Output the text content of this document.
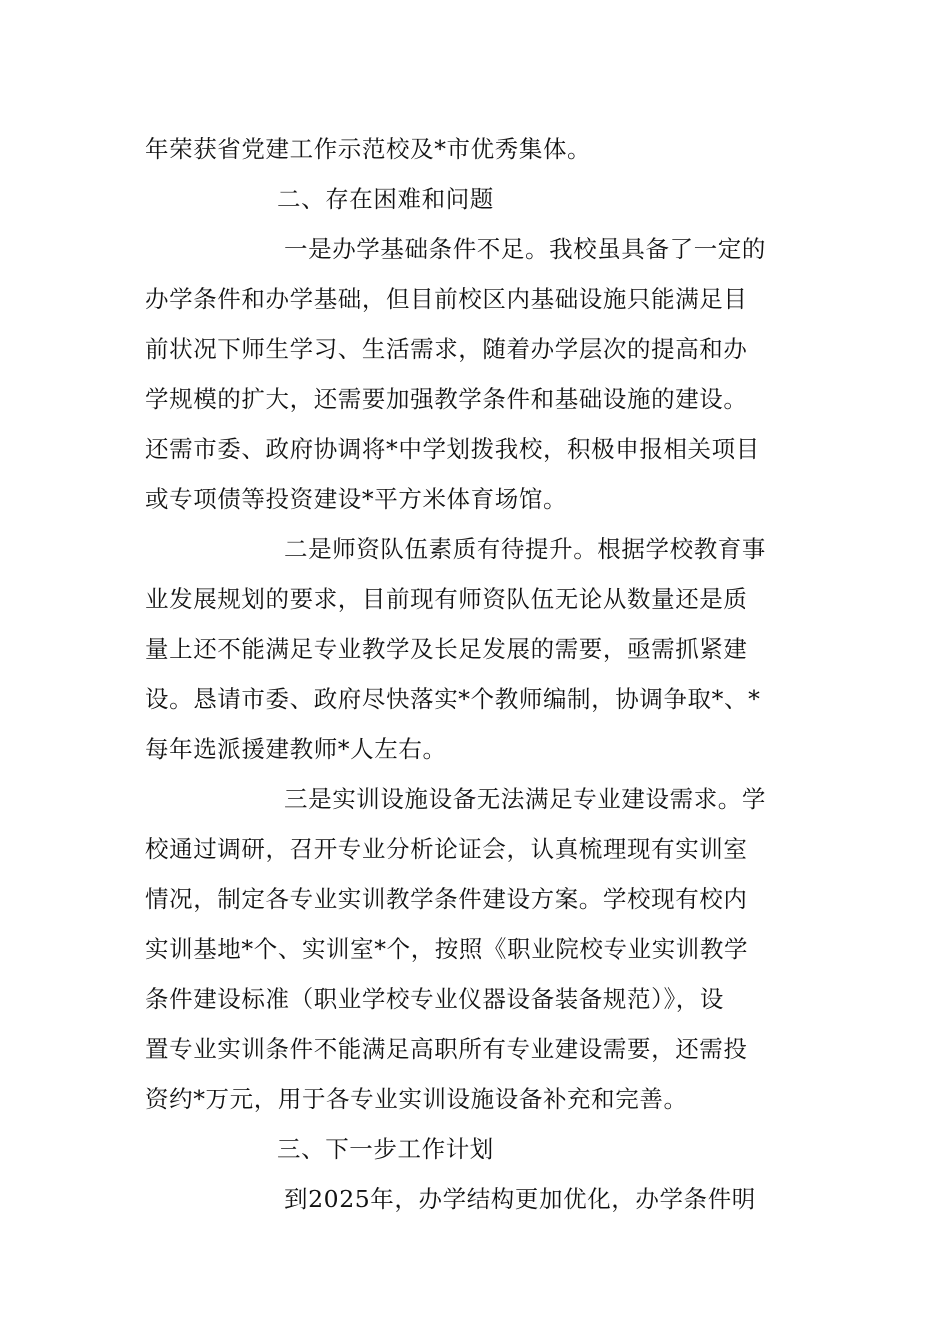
年荣获省党建工作示范校及*市优秀集体。
二、存在困难和问题
一是办学基础条件不足。我校虽具备了一定的
办学条件和办学基础，但目前校区内基础设施只能满足目
前状况下师生学习、生活需求，随着办学层次的提高和办
学规模的扩大，还需要加强教学条件和基础设施的建设。
还需市委、政府协调将*中学划拨我校，积极申报相关项目
或专项债等投资建设*平方米体育场馆。
二是师资队伍素质有待提升。根据学校教育事
业发展规划的要求，目前现有师资队伍无论从数量还是质
量上还不能满足专业教学及长足发展的需要，亟需抓紧建
设。恳请市委、政府尽快落实*个教师编制，协调争取*、*
每年选派援建教师*人左右。
三是实训设施设备无法满足专业建设需求。学
校通过调研，召开专业分析论证会，认真梳理现有实训室
情况，制定各专业实训教学条件建设方案。学校现有校内
实训基地*个、实训室*个，按照《职业院校专业实训教学
条件建设标准（职业学校专业仪器设备装备规范）》，设
置专业实训条件不能满足高职所有专业建设需要，还需投
资约*万元，用于各专业实训设施设备补充和完善。
三、下一步工作计划
到2025年，办学结构更加优化，办学条件明
